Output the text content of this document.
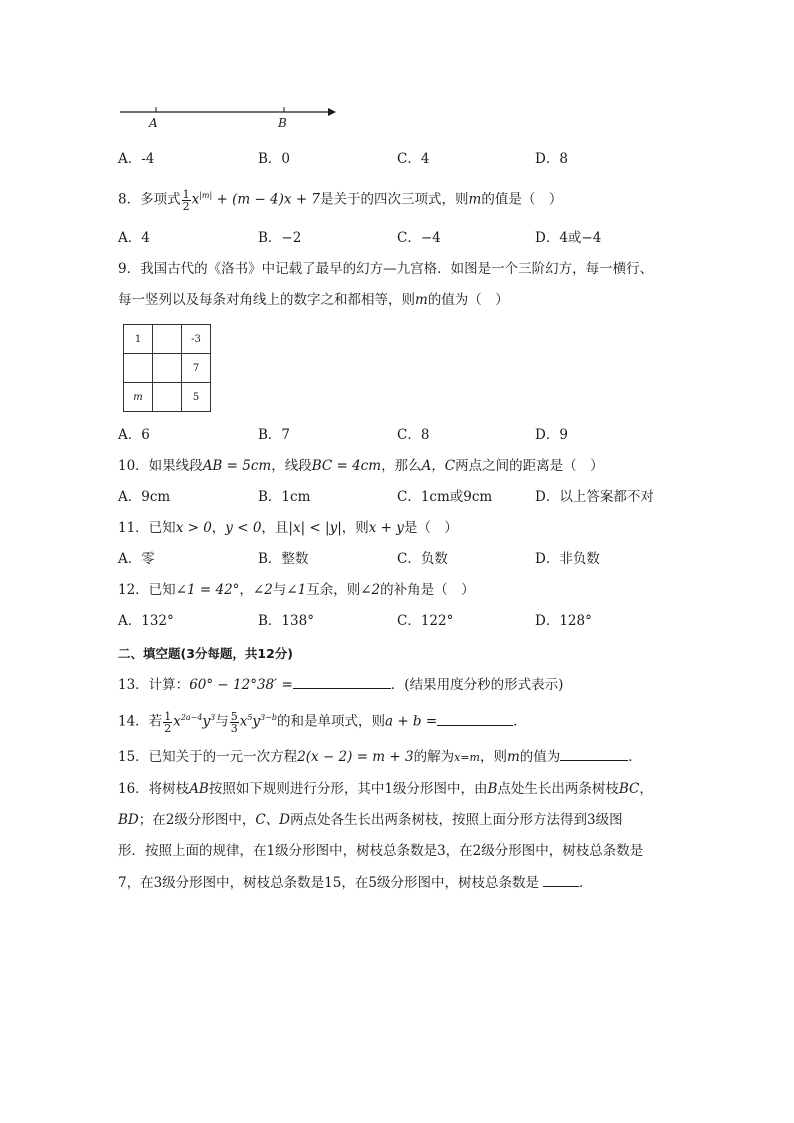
A	B
A．-4	B．0	C．4	D．8
8．多项式 $\frac{1}{2} x^{|m|} + (m - 4)x + 7$是关于的四次三项式，则m的值是（　）
A．4	B．−2	C．−4	D．4或−4
9．我国古代的《洛书》中记载了最早的幻方—九宫格．如图是一个三阶幻方，每一横行、
每一竖列以及每条对角线上的数字之和都相等，则m的值为（　）
1		-3
		7
m		5
A．6	B．7	C．8	D．9
10．如果线段AB = 5cm，线段BC = 4cm，那么A，C两点之间的距离是（　）
A．9cm	B．1cm	C．1cm或9cm	D．以上答案都不对
11．已知x > 0，y < 0，且|x| < |y|，则x + y是（　）
A．零	B．整数	C．负数	D．非负数
12．已知∠1 = 42°，∠2与∠1互余，则∠2的补角是（　）
A．132°	B．138°	C．122°	D．128°
二、填空题(3分每题，共12分)
13．计算：60° − 12°38′ =	．(结果用度分秒的形式表示)
14．若 $\frac{1}{2} x^{2a-4}y^3$与 $\frac{5}{3} x^5y^{3-b}$的和是单项式，则a + b =	．
15．已知关于的一元一次方程2(x − 2) = m + 3的解为x=m，则m的值为	．
16．将树枝AB按照如下规则进行分形，其中1级分形图中，由B点处生长出两条树枝BC，
BD；在2级分形图中，C、D两点处各生长出两条树枝，按照上面分形方法得到3级图
形．按照上面的规律，在1级分形图中，树枝总条数是3，在2级分形图中，树枝总条数是
7，在3级分形图中，树枝总条数是15，在5级分形图中，树枝总条数是	．
